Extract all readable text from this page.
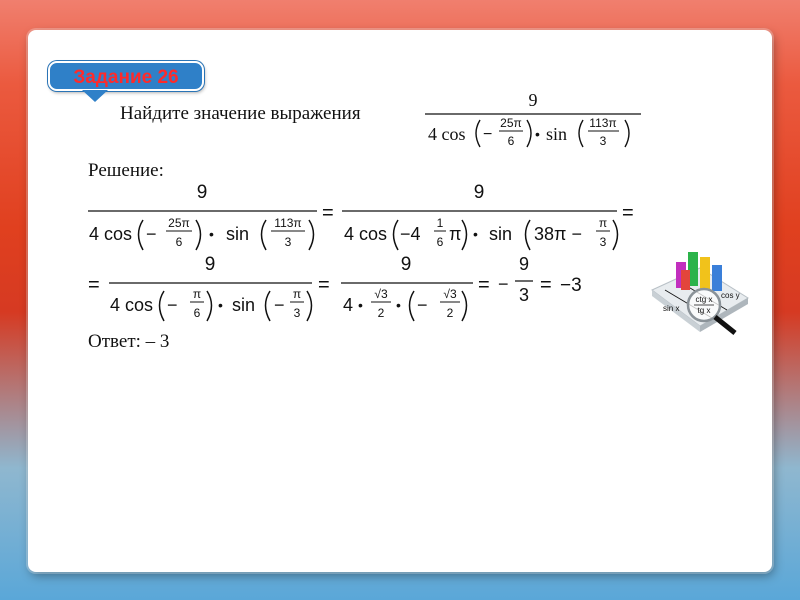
Задание 26
Найдите значение выражения
Решение:
Ответ: – 3
9
4 cos −
25π
6 • sin
113π
3
9
4 cos −
25π
6 • sin
113π
3
=
9
4 cos −4
1
6 π • sin 38π −
π
3
=
=
9
4 cos −
π
6 • sin −
π
3
=
9
4 •
√3
2 • −
√3
2
= −
9
3 = −3
ctg x
tg x
sin x
cos y
